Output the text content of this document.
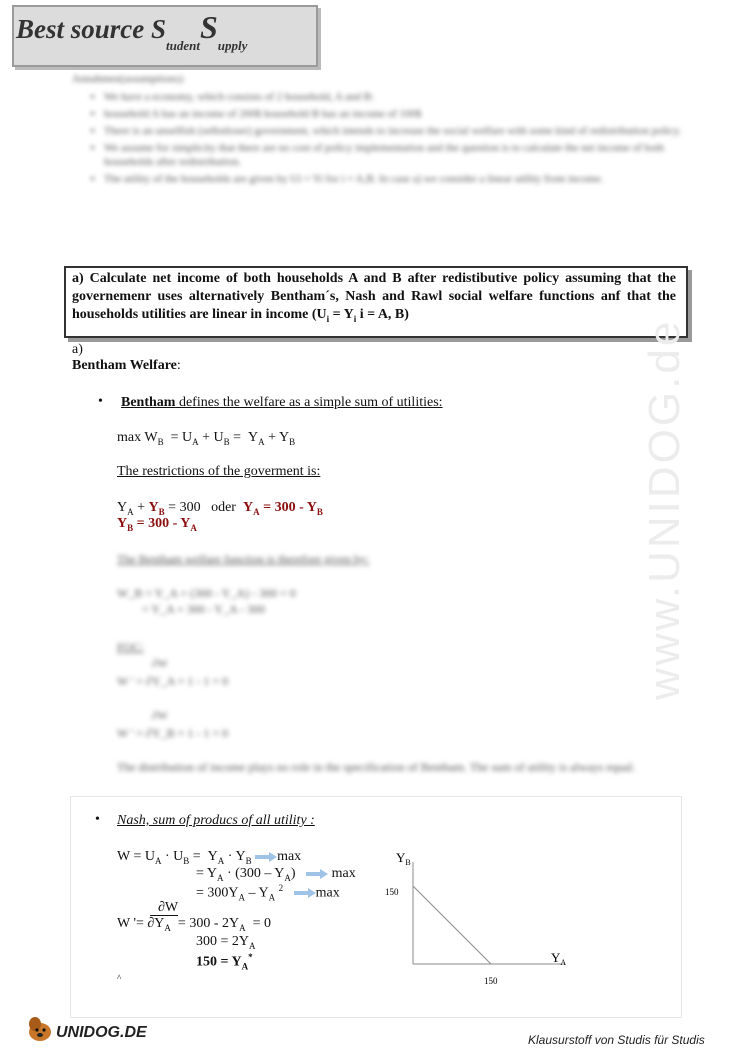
Best source $S_{tudent}S_{upply}$
Annahmen(assumptions):
• We have a economy, which consists of 2 household, A and B:
• household A has an income of 200$ household B has an income of 100$
• There is an unselfish (selbstloser) government, which intends to increase the social welfare with some kind of redistribution policy.
• We assume for simplicity that there are no cost of policy implementation and the question is to calculate the net income of both households after redistribution.
• The utility of the households are given by Ui = Yi for i = A,B. In case a) we consider a linear utility from income.
a) Calculate net income of both households A and B after redistibutive policy assuming that the governemenr uses alternatively Bentham´s, Nash and Rawl social welfare functions anf that the households utilities are linear in income ($U_i = Y_i$ i = A, B)
a)
Bentham Welfare:
• Bentham defines the welfare as a simple sum of utilities:
$\max W_B = U_A + U_B = Y_A + Y_B$
The restrictions of the goverment is:
$Y_A + Y_B = 300$ oder $Y_A = 300 - Y_B$
$Y_B = 300 - Y_A$
The Bentham welfare function is therefore given by:
W_B = Y_A + (300 - Y_A) - 300 = 0
= Y_A + 300 - Y_A - 300
FOC:
∂W
W ' = ∂Y_A = 1 - 1 = 0
∂W
W ' = ∂Y_B = 1 - 1 = 0
The distribution of income plays no role in the specification of Bentham. The sum of utility is always equal.
• Nash, sum of producs of all utility :
$W = U_A \cdot U_B = Y_A \cdot Y_B$ max
= $Y_A \cdot (300 - Y_A)$    max
= $300Y_A - Y_A$ $^2$ max
∂W
W '= $\partial Y_A = 300 - 2Y_A = 0$
$300 = 2Y_A$
$150 = Y_A^*$
^
$Y_B$
150
$Y_A$
150
www.UNIDOG.de
UNIDOG.DE	Klausurstoff von Studis für Studis
